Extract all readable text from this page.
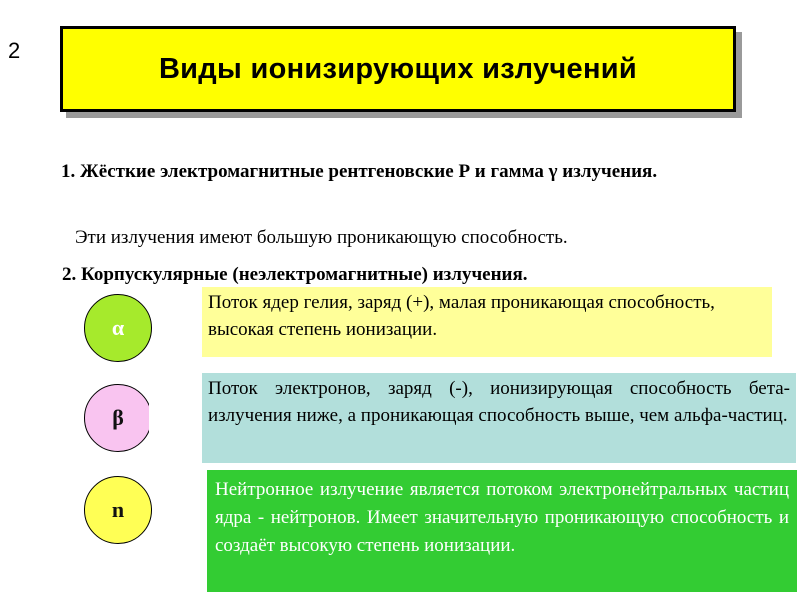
2
Виды ионизирующих излучений
1. Жёсткие электромагнитные рентгеновские Р и гамма γ излучения.
Эти излучения имеют большую проникающую способность.
2. Корпускулярные (неэлектромагнитные) излучения.
α
Поток ядер гелия, заряд (+), малая проникающая способность, высокая степень ионизации.
β
Поток электронов, заряд (-), ионизирующая способность бета-излучения ниже, а проникающая способность выше, чем альфа-частиц.
n
Нейтронное излучение является потоком электронейтральных частиц ядра - нейтронов. Имеет значительную проникающую способность и создаёт высокую степень ионизации.
